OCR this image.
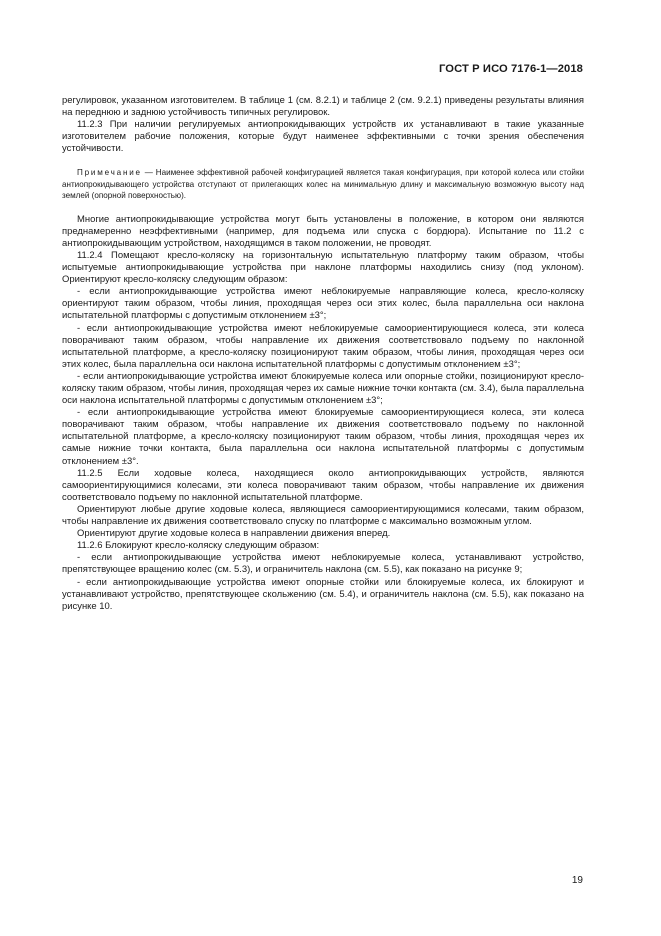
ГОСТ Р ИСО 7176-1—2018

регулировок, указанном изготовителем. В таблице 1 (см. 8.2.1) и таблице 2 (см. 9.2.1) приведены результаты влияния на переднюю и заднюю устойчивость типичных регулировок.

11.2.3 При наличии регулируемых антиопрокидывающих устройств их устанавливают в такие указанные изготовителем рабочие положения, которые будут наименее эффективными с точки зрения обеспечения устойчивости.

Примечание — Наименее эффективной рабочей конфигурацией является такая конфигурация, при которой колеса или стойки антиопрокидывающего устройства отступают от прилегающих колес на минимальную длину и максимальную возможную высоту над землей (опорной поверхностью).

Многие антиопрокидывающие устройства могут быть установлены в положение, в котором они являются преднамеренно неэффективными (например, для подъема или спуска с бордюра). Испытание по 11.2 с антиопрокидывающим устройством, находящимся в таком положении, не проводят.

11.2.4 Помещают кресло-коляску на горизонтальную испытательную платформу таким образом, чтобы испытуемые антиопрокидывающие устройства при наклоне платформы находились снизу (под уклоном). Ориентируют кресло-коляску следующим образом:

- если антиопрокидывающие устройства имеют неблокируемые направляющие колеса, кресло-коляску ориентируют таким образом, чтобы линия, проходящая через оси этих колес, была параллельна оси наклона испытательной платформы с допустимым отклонением ±3°;

- если антиопрокидывающие устройства имеют неблокируемые самоориентирующиеся колеса, эти колеса поворачивают таким образом, чтобы направление их движения соответствовало подъему по наклонной испытательной платформе, а кресло-коляску позиционируют таким образом, чтобы линия, проходящая через оси этих колес, была параллельна оси наклона испытательной платформы с допустимым отклонением ±3°;

- если антиопрокидывающие устройства имеют блокируемые колеса или опорные стойки, позиционируют кресло-коляску таким образом, чтобы линия, проходящая через их самые нижние точки контакта (см. 3.4), была параллельна оси наклона испытательной платформы с допустимым отклонением ±3°;

- если антиопрокидывающие устройства имеют блокируемые самоориентирующиеся колеса, эти колеса поворачивают таким образом, чтобы направление их движения соответствовало подъему по наклонной испытательной платформе, а кресло-коляску позиционируют таким образом, чтобы линия, проходящая через их самые нижние точки контакта, была параллельна оси наклона испытательной платформы с допустимым отклонением ±3°.

11.2.5 Если ходовые колеса, находящиеся около антиопрокидывающих устройств, являются самоориентирующимися колесами, эти колеса поворачивают таким образом, чтобы направление их движения соответствовало подъему по наклонной испытательной платформе.

Ориентируют любые другие ходовые колеса, являющиеся самоориентирующимися колесами, таким образом, чтобы направление их движения соответствовало спуску по платформе с максимально возможным углом.

Ориентируют другие ходовые колеса в направлении движения вперед.

11.2.6 Блокируют кресло-коляску следующим образом:

- если антиопрокидывающие устройства имеют неблокируемые колеса, устанавливают устройство, препятствующее вращению колес (см. 5.3), и ограничитель наклона (см. 5.5), как показано на рисунке 9;

- если антиопрокидывающие устройства имеют опорные стойки или блокируемые колеса, их блокируют и устанавливают устройство, препятствующее скольжению (см. 5.4), и ограничитель наклона (см. 5.5), как показано на рисунке 10.

19
